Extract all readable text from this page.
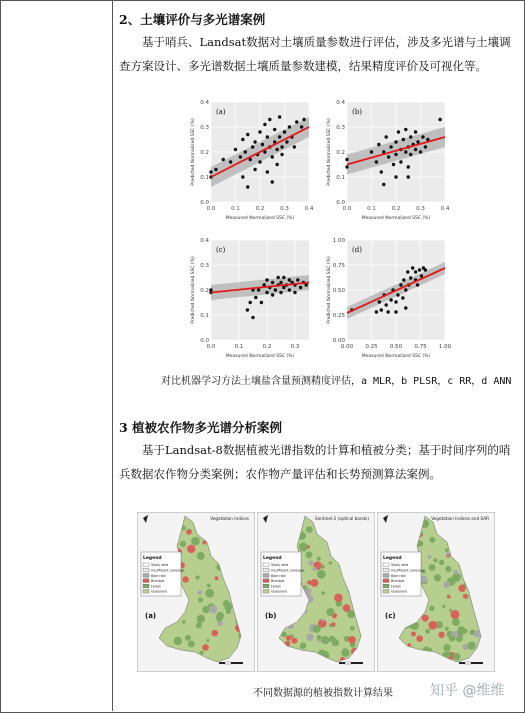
2、土壤评价与多光谱案例
基于哨兵、Landsat数据对土壤质量参数进行评估，涉及多光谱与土壤调查方案设计、多光谱数据土壤质量参数建模，结果精度评价及可视化等。
0.0	0.1	0.2	0.3	0.4
0.0
0.1
0.2
0.3
0.4
(a)
Measured Normalized SSC (%)
Predicted Normalized SSC (%)
0.0	0.1	0.2	0.3	0.4
0.0
0.1
0.2
0.3
0.4
(b)
Measured Normalized SSC (%)
Predicted Normalized SSC (%)
0.0	0.1	0.2	0.3
0.0
0.1
0.2
0.3
0.4
(c)
Measured Normalized SSC (%)
Predicted Normalized SSC (%)
0.00 0.25 0.50 0.75 1.00
0.00
0.25
0.50
0.75
1.00
(d)
Measured Normalized SSC (%)
Predicted Normalized SSC (%)
对比机器学习方法土壤盐含量预测精度评估，a MLR，b PLSR，c RR，d ANN
3 植被农作物多光谱分析案例
基于Landsat-8数据植被光谱指数的计算和植被分类；基于时间序列的哨兵数据农作物分类案例；农作物产量评估和长势预测算法案例。
Vegetation Indices
Legend
Study area
Insufficient coverage
Bare rock
Bramble
Forest
Grassland
(a)
Sentinel-2 (optical bands)
Legend
Study area
Insufficient coverage
Bare rock
Bramble
Forest
Grassland
(b)
Vegetation Indices and SAR
Legend
Study area
Insufficient coverage
Bare rock
Bramble
Forest
Grassland
(c)
不同数据源的植被指数计算结果	知乎 @维维
